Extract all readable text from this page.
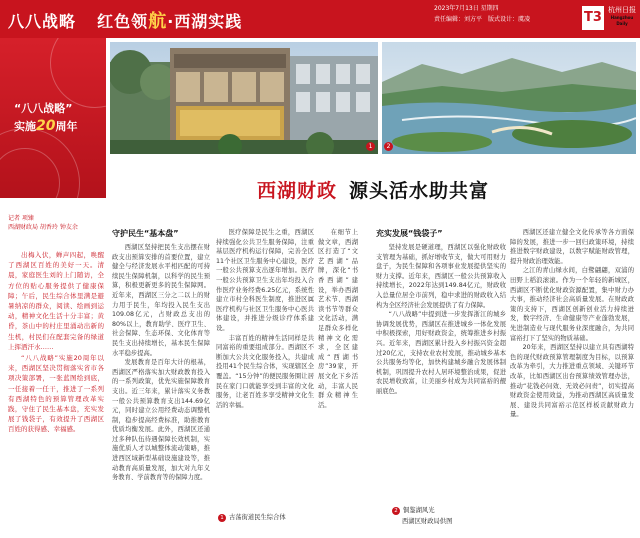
八八战略 红色领航·西湖实践
2023年7月13日 星期四
责任编辑：刘方平　版式设计：虞凌	T3 杭州日报
Hangzhou Daily
“八八战略”
实施20周年
记者 项臻
西湖财政局 胡香玲 钟友余

出梅入伏，蝉声四起，唤醒了西湖区百姓的美好一天。清晨，家庭医生刘的上门随访，全方位的贴心服务提供了健康保障；午后，民生综合体里满是避暑纳凉的群众，阅读、绘画到运动，精神文化生活十分丰富；黄昏，茶山中的村庄里涌动出新的生机，村民们在配套完备的绿道上挥洒汗水……

“八八战略”实施20周年以来，西湖区坚决贯彻落实省市各项决策部署，一张蓝图绘到底，一任接着一任干，推进了一系列有西湖特色的预算管理改革实践，守住了民生基本盘，充实发展了钱袋子，有效提升了西湖区百姓的获得感、幸福感。

1	2
西湖财政 源头活水助共富
守护民生“基本盘”

西湖区坚持把民生支出摆在财政支出预算安排的首要位置，建立健全与经济发展水平相匹配的可持续民生保障机制，以科学的民生预算，积极更新更多的民生保障网。近年来，西湖区三分之二以上的财力用于民生，年均投入民生支出109.08亿元，占财政总支出的80%以上，教育助学、医疗卫生、社会保障、生态环保、文化体育等民生支出持续增长，基本民生保障水平稳步提高。

发展教育是百年大计的根基，西湖区严格落实加大财政教育投入的一系列政策，优先实施保障教育支出。近三年来，累计落实义务教一般公共预算教育支出144.69亿元，同时建立公用经费动态调整机制，稳步提高经费标准，助推教育优质均衡发展。此外，西湖区还通过多种队伍待遇保障长效机制，实施优质人才以城整体流动策略，推进西区域新型基础设施建设等，推动教育高质量发展，加大对九年义务教育、学前教育等的保障力度。

医疗保障是民生之重，西湖区持续强化公共卫生服务保障，注重基层医疗机构运行保障，完善全区11个社区卫生服务中心建设，医疗一般公共预算支出逐年增加。医疗一般公共预算卫生支出年均投入合作医疗业务经费6.25亿元，系统性建立市村全科医生制度，推进区属医疗机构与社区卫生服务中心医共体建设，并推进分级诊疗体系建设。

丰富百姓的精神生活同样是共同富裕的重要组成部分。西湖区不断加大公共文化服务投入，共建成投用41个民生综合体，实现辖区全覆盖。“15分钟”的便民服务圈让居民在家门口就能享受到丰富的文化服务，让老百姓多享受精神文化生活的幸福。

在细节上做文章，西湖区打造了“文艺西湖”品牌，深化“书香西湖”建设，举办西湖艺术节、西湖读书节等群众文化活动，满足群众多样化精神文化需求，全区建成“西湖书房”39家，开展文化下乡活动，丰富人民群众精神生活。

充实发展“钱袋子”

坚持发展是硬道理，西湖区以强化财政收支管理为基础，抓好增收节支，做大可用财力盘子，为民生保障和各项事业发展提供坚实的财力支撑。近年来，西湖区一般公共预算收入持续增长，2022年达到149.84亿元，财政收入总量位居全市前列，稳中求进的财政收入结构为全区经济社会发展提供了有力保障。

“八八战略”中提到进一步发挥浙江的城乡协调发展优势，西湖区在推进城乡一体化发展中积极探索，用好财政资金，统筹推进乡村振兴。近年来，西湖区累计投入乡村振兴资金超过20亿元，支持农业农村发展，推动城乡基本公共服务均等化，加快构建城乡融合发展体制机制，巩固提升农村人居环境整治成果，促进农民增收致富，让美丽乡村成为共同富裕的靓丽底色。

西湖区还建立健全文化传承等各方面保障的发展，推进一步一回归政策环境，持续推进数字财政建设，以数字赋能财政管理，提升财政治理效能。

之江的青山绿水间，白鹭翩翩，双浦的田野上稻浪滚滚。作为一个年轻的新城区，西湖区不断优化财政资源配置，集中财力办大事，推动经济社会高质量发展。在财政政策的支持下，西湖区创新创业活力持续迸发，数字经济、生命健康等产业蓬勃发展，先进制造业与现代服务业深度融合，为共同富裕打下了坚实的物质基础。

20年来，西湖区坚持以建立具有西湖特色的现代财政预算管理制度为目标，以预算改革为牵引，大力推进重点领域、关键环节改革，比如西湖区出台预算绩效管理办法，推动“花钱必问效、无效必问责”，切实提高财政资金使用效益，为推动西湖区高质量发展、建设共同富裕示范区样板贡献财政力量。

1 古荡街道民生综合体
2 铜鉴湖风光
西湖区财政局供图
